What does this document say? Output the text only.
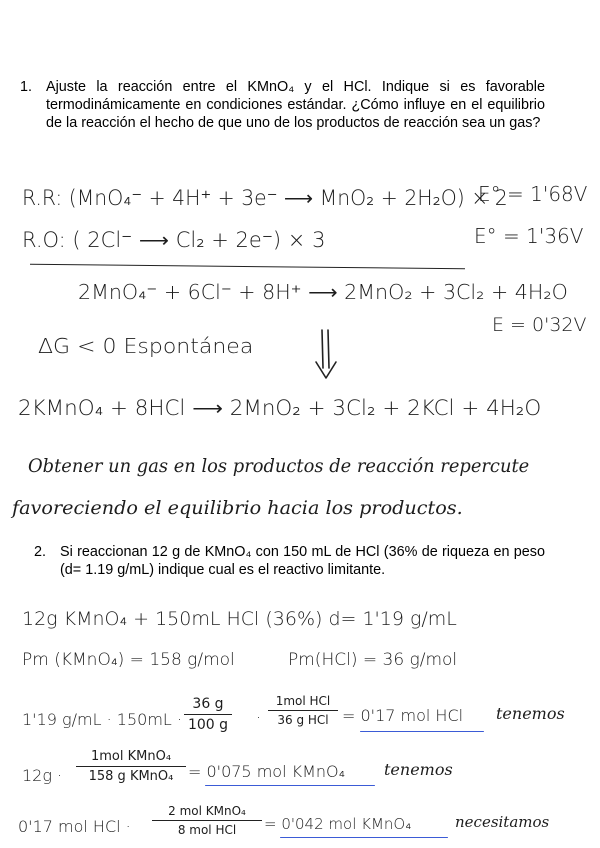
1. Ajuste la reacción entre el KMnO₄ y el HCl. Indique si es favorable termodinámicamente en condiciones estándar. ¿Cómo influye en el equilibrio de la reacción el hecho de que uno de los productos de reacción sea un gas?
R.R: (MnO₄⁻ + 4H⁺ + 3e⁻ ⟶ MnO₂ + 2H₂O) × 2
E° = 1'68V
R.O: ( 2Cl⁻ ⟶ Cl₂ + 2e⁻) × 3	E° = 1'36V
2MnO₄⁻ + 6Cl⁻ + 8H⁺ ⟶ 2MnO₂ + 3Cl₂ + 4H₂O
E = 0'32V
ΔG < 0 Espontánea
2KMnO₄ + 8HCl ⟶ 2MnO₂ + 3Cl₂ + 2KCl + 4H₂O
Obtener un gas en los productos de reacción repercute
favoreciendo el equilibrio hacia los productos.
2. Si reaccionan 12 g de KMnO₄ con 150 mL de HCl (36% de riqueza en peso (d= 1.19 g/mL) indique cual es el reactivo limitante.
12g KMnO₄ + 150mL HCl (36%) d= 1'19 g/mL
Pm (KMnO₄) = 158 g/mol	Pm(HCl) = 36 g/mol
1'19 g/mL · 150mL ·
36 g
100 g ·
1mol HCl
36 g HCl = 0'17 mol HCl tenemos
12g ·
1mol KMnO₄
158 g KMnO₄ = 0'075 mol KMnO₄ tenemos
0'17 mol HCl ·
2 mol KMnO₄
8 mol HCl	= 0'042 mol KMnO₄	necesitamos
